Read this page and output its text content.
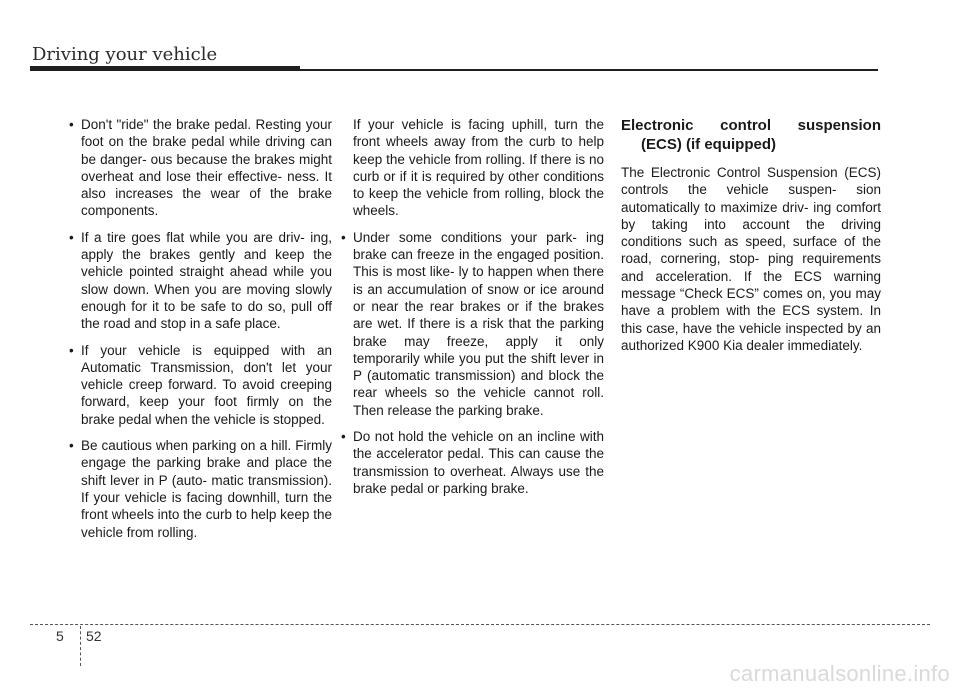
Driving your vehicle
• Don't "ride" the brake pedal. Resting your foot on the brake pedal while driving can be danger- ous because the brakes might overheat and lose their effective- ness. It also increases the wear of the brake components.
• If a tire goes flat while you are driv- ing, apply the brakes gently and keep the vehicle pointed straight ahead while you slow down. When you are moving slowly enough for it to be safe to do so, pull off the road and stop in a safe place.
• If your vehicle is equipped with an Automatic Transmission, don't let your vehicle creep forward. To avoid creeping forward, keep your foot firmly on the brake pedal when the vehicle is stopped.
• Be cautious when parking on a hill. Firmly engage the parking brake and place the shift lever in P (auto- matic transmission). If your vehicle is facing downhill, turn the front wheels into the curb to help keep the vehicle from rolling.

If your vehicle is facing uphill, turn the front wheels away from the curb to help keep the vehicle from rolling. If there is no curb or if it is required by other conditions to keep the vehicle from rolling, block the wheels.

• Under some conditions your park- ing brake can freeze in the engaged position. This is most like- ly to happen when there is an accumulation of snow or ice around or near the rear brakes or if the brakes are wet. If there is a risk that the parking brake may freeze, apply it only temporarily while you put the shift lever in P (automatic transmission) and block the rear wheels so the vehicle cannot roll. Then release the parking brake.
• Do not hold the vehicle on an incline with the accelerator pedal. This can cause the transmission to overheat. Always use the brake pedal or parking brake.
Electronic control suspension (ECS) (if equipped)

The Electronic Control Suspension (ECS) controls the vehicle suspen- sion automatically to maximize driv- ing comfort by taking into account the driving conditions such as speed, surface of the road, cornering, stop- ping requirements and acceleration. If the ECS warning message “Check ECS” comes on, you may have a problem with the ECS system. In this case, have the vehicle inspected by an authorized K900 Kia dealer immediately.

5 52
carmanualsonline.info
